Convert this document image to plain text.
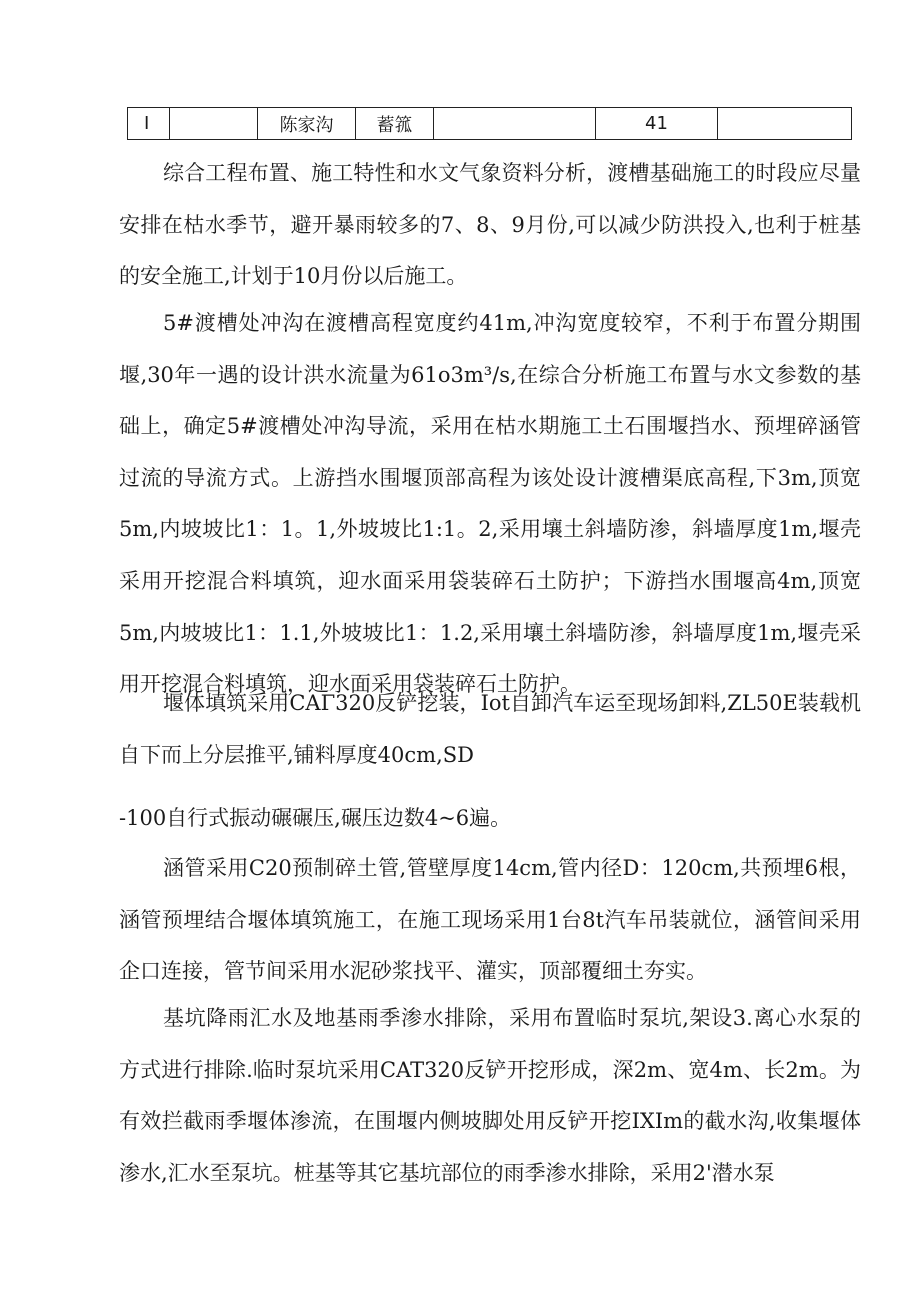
I		陈家沟	蓄箛		41	

综合工程布置、施工特性和水文气象资料分析，渡槽基础施工的时段应尽量安排在枯水季节，避开暴雨较多的7、8、9月份,可以减少防洪投入,也利于桩基的安全施工,计划于10月份以后施工。

5#渡槽处冲沟在渡槽高程宽度约41m,冲沟宽度较窄，不利于布置分期围堰,30年一遇的设计洪水流量为61o3m³/s,在综合分析施工布置与水文参数的基础上，确定5#渡槽处冲沟导流，采用在枯水期施工土石围堰挡水、预埋碎涵管过流的导流方式。上游挡水围堰顶部高程为该处设计渡槽渠底高程,下3m,顶宽5m,内坡坡比1：1。1,外坡坡比1:1。2,采用壤土斜墙防渗，斜墙厚度1m,堰壳采用开挖混合料填筑，迎水面采用袋装碎石土防护；下游挡水围堰高4m,顶宽5m,内坡坡比1：1.1,外坡坡比1：1.2,采用壤土斜墙防渗，斜墙厚度1m,堰壳采用开挖混合料填筑，迎水面采用袋装碎石土防护。

堰体填筑采用CAΓ320反铲挖装，Iot自卸汽车运至现场卸料,ZL50E装载机自下而上分层推平,铺料厚度40cm,SD

-100自行式振动碾碾压,碾压边数4~6遍。

涵管采用C20预制碎土管,管壁厚度14cm,管内径D：120cm,共预埋6根，涵管预埋结合堰体填筑施工，在施工现场采用1台8t汽车吊装就位，涵管间采用企口连接，管节间采用水泥砂浆找平、灌实，顶部覆细土夯实。

基坑降雨汇水及地基雨季渗水排除，采用布置临时泵坑,架设3.离心水泵的方式进行排除.临时泵坑采用CAT320反铲开挖形成，深2m、宽4m、长2m。为有效拦截雨季堰体渗流，在围堰内侧坡脚处用反铲开挖IXIm的截水沟,收集堰体渗水,汇水至泵坑。桩基等其它基坑部位的雨季渗水排除，采用2'潜水泵
